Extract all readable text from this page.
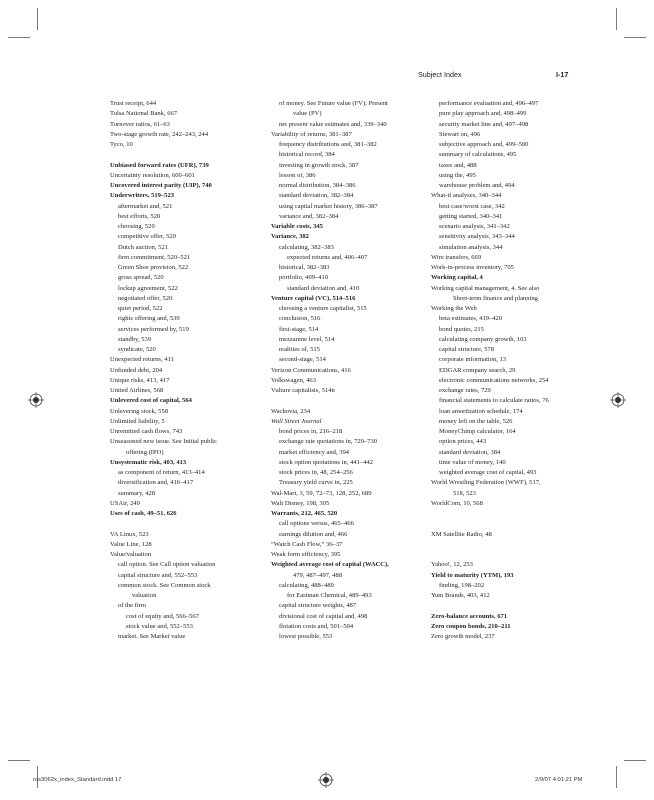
Subject Index	I-17
Trust receipt, 644
Tulsa National Bank, 667
Turnover ratios, 61–63
Two-stage growth rate, 242–243, 244
Tyco, 10
Unbiased forward rates (UFR), 739
Uncertainty resolution, 600–601
Uncovered interest parity (UIP), 740
Underwriters, 519–523
aftermarket and, 521
best efforts, 520
choosing, 520
competitive offer, 520
Dutch auction, 521
firm commitment, 520–521
Green Shoe provision, 522
gross spread, 520
lockup agreement, 522
negotiated offer, 520
quiet period, 522
rights offering and, 539
services performed by, 519
standby, 539
syndicate, 520
Unexpected returns, 411
Unfunded debt, 204
Unique risks, 413, 417
United Airlines, 568
Unlevered cost of capital, 564
Unlevering stock, 558
Unlimited liability, 5
Unremitted cash flows, 743
Unseasoned new issue. See Initial public
offering (IPO)
Unsystematic risk, 403, 413
as component of return, 413–414
diversification and, 416–417
summary, 428
USAir, 249
Uses of cash, 49–51, 626
VA Linux, 523
Value Line, 128
Value/valuation
call option. See Call option valuation
capital structure and, 552–553
common stock. See Common stock
valuation
of the firm
cost of equity and, 566–567
stock value and, 552–553
market. See Market value
of money. See Future value (FV); Present
value (PV)
net present value estimates and, 339–340
Variability of returns, 381–387
frequency distributions and, 381–382
historical record, 384
investing in growth stock, 387
lesson of, 386
normal distribution, 384–386
standard deviation, 382–384
using capital market history, 386–387
variance and, 382–384
Variable costs, 345
Variance, 382
calculating, 382–383
expected returns and, 406–407
historical, 382–383
portfolio, 409–410
standard deviation and, 410
Venture capital (VC), 514–516
choosing a venture capitalist, 515
conclusion, 516
first-stage, 514
mezzanine level, 514
realities of, 515
second-stage, 514
Verizon Communications, 416
Volkswagen, 463
Vulture capitalists, 514n
Wachovia, 234
Wall Street Journal
bond prices in, 216–218
exchange rate quotations in, 729–730
market efficiency and, 394
stock option quotations in, 441–442
stock prices in, 48, 254–256
Treasury yield curve in, 225
Wal-Mart, 3, 59, 72–73, 128, 252, 689
Walt Disney, 198, 305
Warrants, 212, 465, 520
call options versus, 465–466
earnings dilution and, 466
“Watch Cash Flow,” 36–37
Weak form efficiency, 395
Weighted average cost of capital (WACC),
479, 487–497, 488
calculating, 488–489
for Eastman Chemical, 489–493
capital structure weights, 487
divisional cost of capital and, 498
flotation costs and, 501–504
lowest possible, 553
performance evaluation and, 496–497
pure play approach and, 498–499
security market line and, 497–498
Stewart on, 496
subjective approach and, 499–500
summary of calculations, 495
taxes and, 488
using the, 495
warehouse problem and, 494
What-if analyses, 340–344
best case/worst case, 342
getting started, 340–341
scenario analysis, 341–342
sensitivity analysis, 343–344
simulation analysis, 344
Wire transfers, 669
Work-in-process inventory, 705
Working capital, 4
Working capital management, 4. See also
Short-term finance and planning
Working the Web
beta estimates, 419–420
bond quotes, 215
calculating company growth, 103
capital structure, 578
corporate information, 13
EDGAR company search, 29
electronic communications networks, 254
exchange rates, 729
financial statements to calculate ratios, 76
loan amortization schedule, 174
money left on the table, 526
MoneyChimp calculator, 164
option prices, 443
standard deviation, 384
time value of money, 140
weighted average cost of capital, 493
World Wrestling Federation (WWF), 517,
518, 523
WorldCom, 10, 568
XM Satellite Radio, 48
Yahoo!, 12, 253
Yield to maturity (YTM), 193
finding, 198–202
Yum Brands, 403, 412
Zero-balance accounts, 671
Zero coupon bonds, 210–211
Zero growth model, 237
ros3062x_index_Standard.indd 17	2/9/07 4:01:21 PM
